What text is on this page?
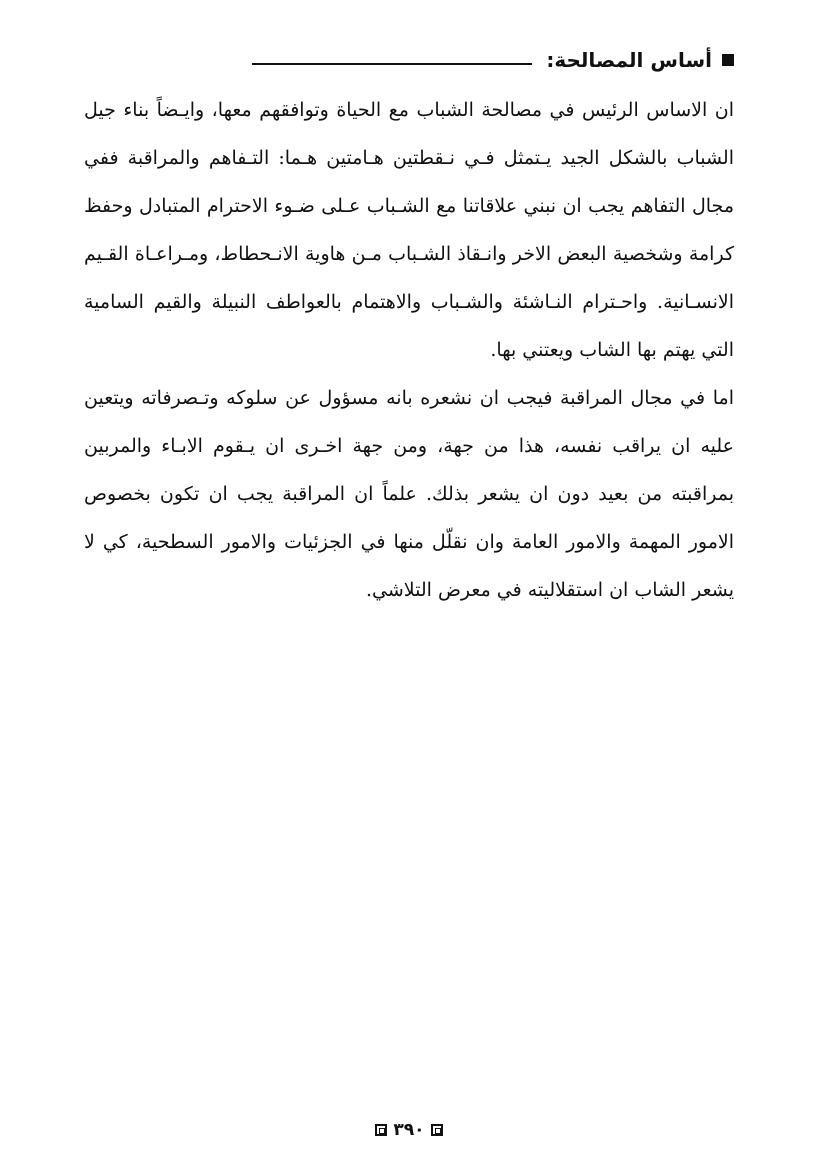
أساس المصالحة:

ان الاساس الرئيس في مصالحة الشباب مع الحياة وتوافقهم معها، وايـضاً بناء جيل الشباب بالشكل الجيد يـتمثل فـي نـقطتين هـامتين هـما: التـفاهم والمراقبة ففي مجال التفاهم يجب ان نبني علاقاتنا مع الشـباب عـلى ضـوء الاحترام المتبادل وحفظ كرامة وشخصية البعض الاخر وانـقاذ الشـباب مـن هاوية الانـحطاط، ومـراعـاة القـيم الانسـانية. واحـترام النـاشئة والشـباب والاهتمام بالعواطف النبيلة والقيم السامية التي يهتم بها الشاب ويعتني بها.

اما في مجال المراقبة فيجب ان نشعره بانه مسؤول عن سلوكه وتـصرفاته ويتعين عليه ان يراقب نفسه، هذا من جهة، ومن جهة اخـرى ان يـقوم الابـاء والمربين بمراقبته من بعيد دون ان يشعر بذلك. علماً ان المراقبة يجب ان تكون بخصوص الامور المهمة والامور العامة وان نقلّل منها في الجزئيات والامور السطحية، كي لا يشعر الشاب ان استقلاليته في معرض التلاشي.

٣٩٠
